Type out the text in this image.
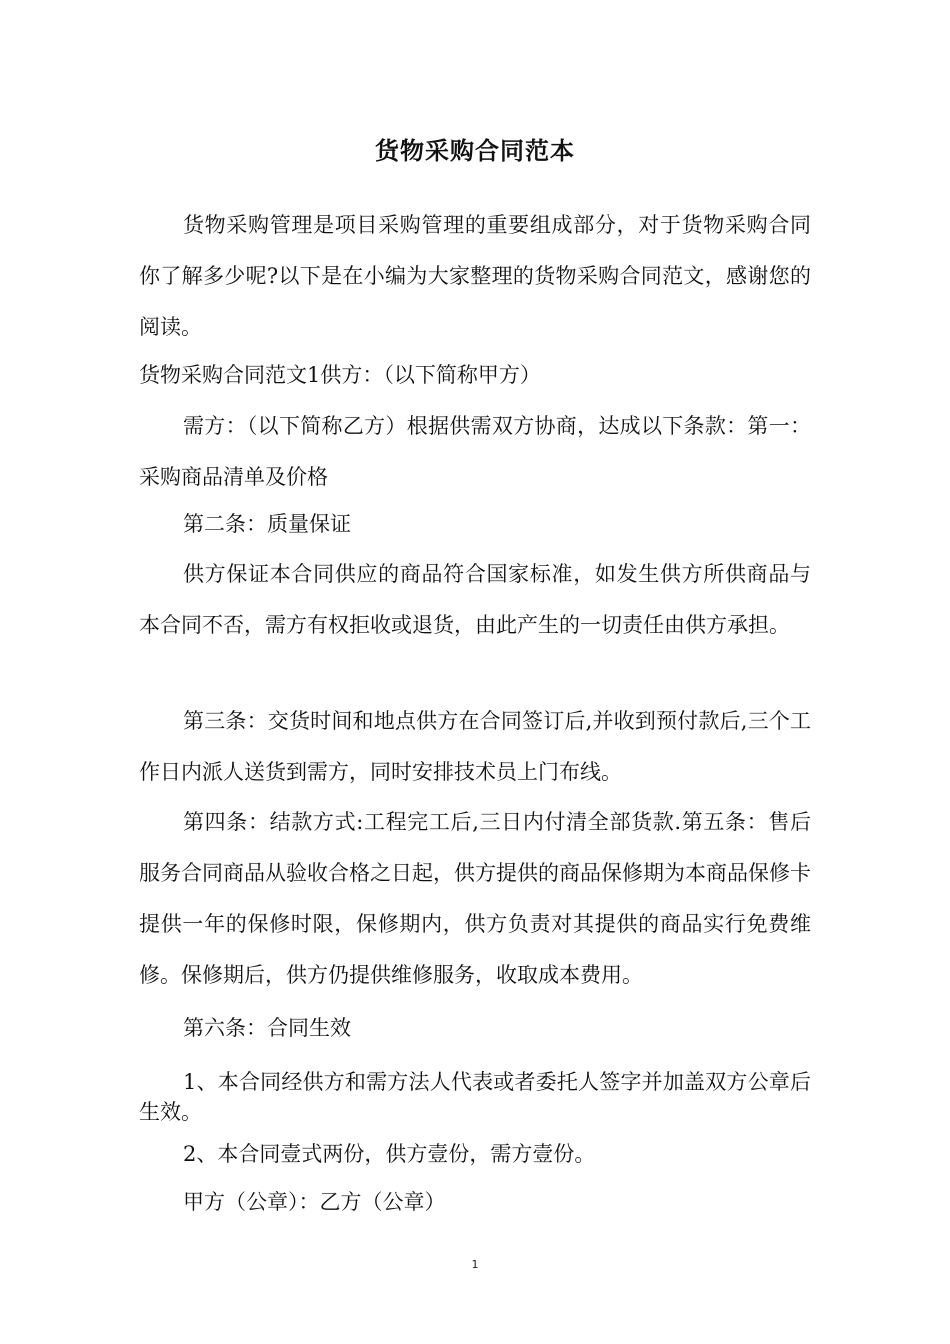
货物采购合同范本

货物采购管理是项目采购管理的重要组成部分，对于货物采购合同你了解多少呢?以下是在小编为大家整理的货物采购合同范文，感谢您的阅读。

货物采购合同范文1供方：（以下简称甲方）

需方：（以下简称乙方）根据供需双方协商，达成以下条款：第一：采购商品清单及价格

第二条：质量保证

供方保证本合同供应的商品符合国家标准，如发生供方所供商品与本合同不否，需方有权拒收或退货，由此产生的一切责任由供方承担。

第三条：交货时间和地点供方在合同签订后,并收到预付款后,三个工作日内派人送货到需方，同时安排技术员上门布线。

第四条：结款方式:工程完工后,三日内付清全部货款.第五条：售后服务合同商品从验收合格之日起，供方提供的商品保修期为本商品保修卡提供一年的保修时限，保修期内，供方负责对其提供的商品实行免费维修。保修期后，供方仍提供维修服务，收取成本费用。

第六条：合同生效

1、本合同经供方和需方法人代表或者委托人签字并加盖双方公章后生效。

2、本合同壹式两份，供方壹份，需方壹份。

甲方（公章）：乙方（公章）

1
